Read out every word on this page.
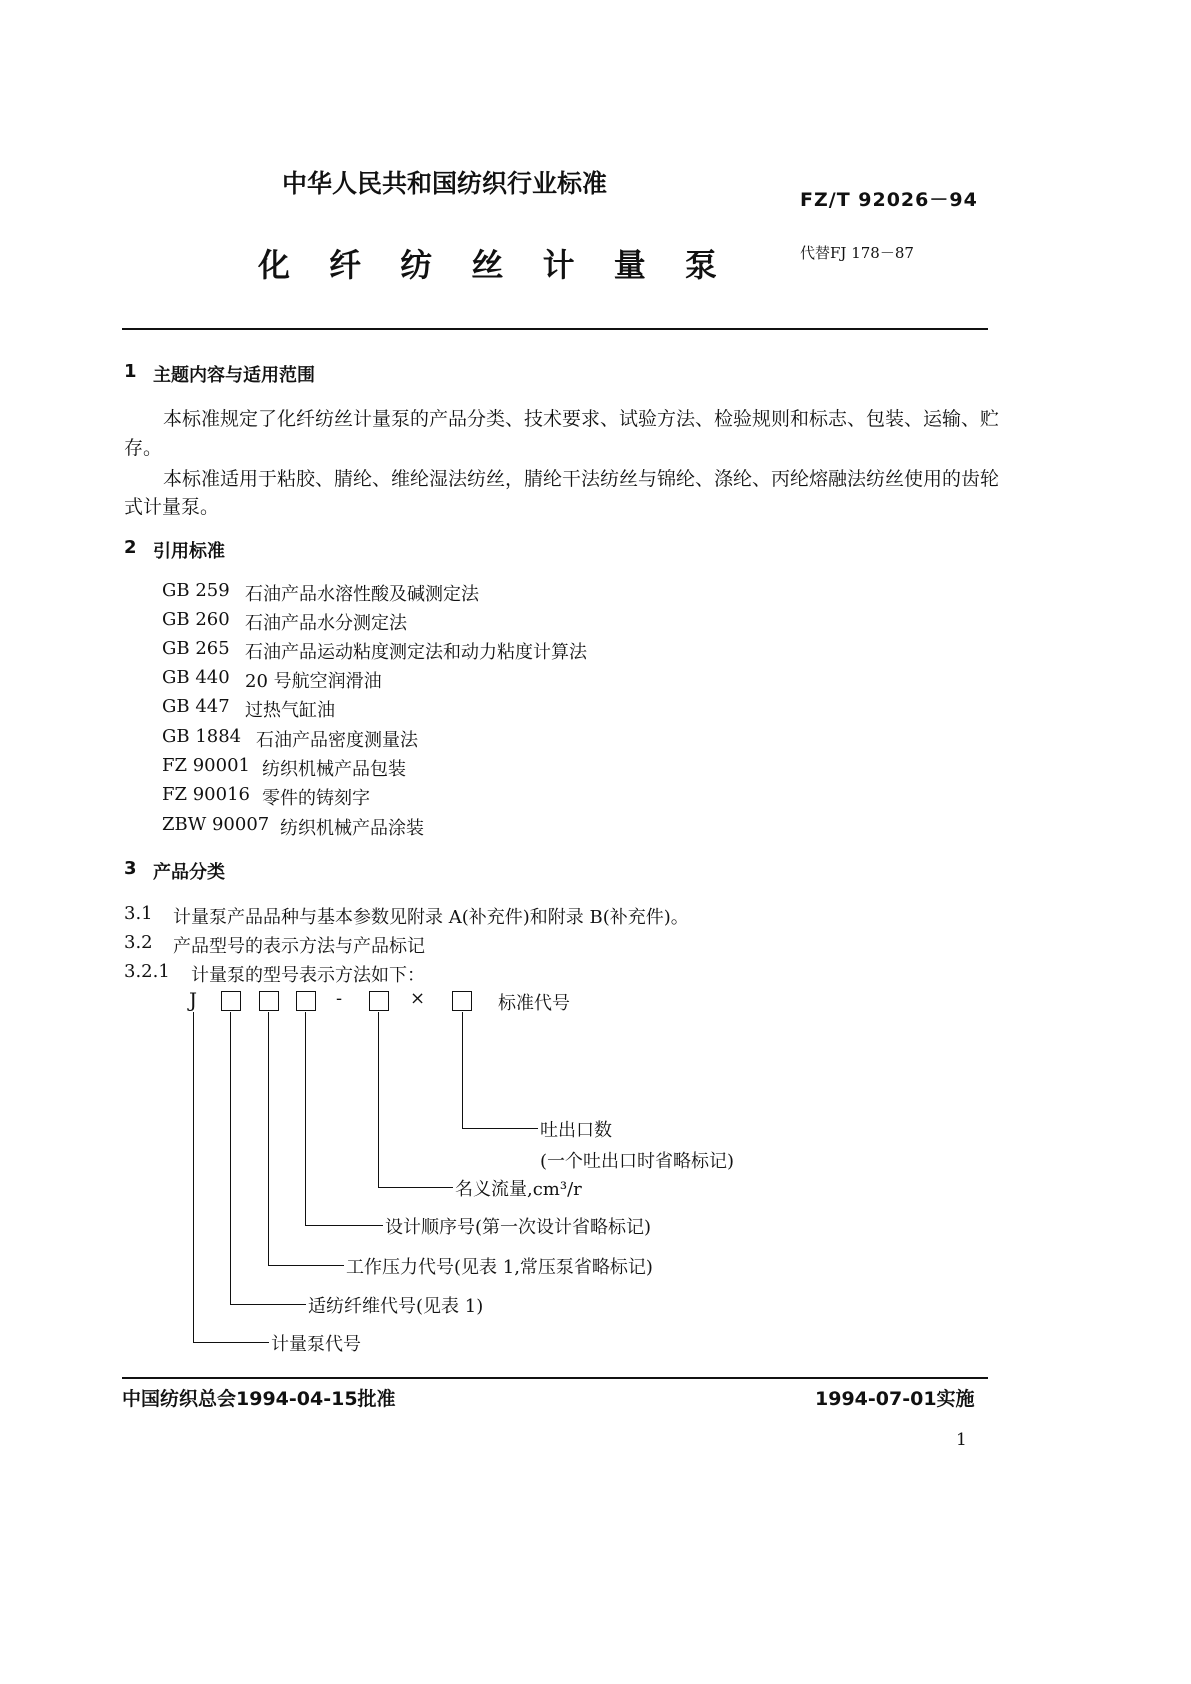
中华人民共和国纺织行业标准
FZ/T 92026－94
化 纤 纺 丝 计 量 泵	代替FJ 178－87
1 主题内容与适用范围
本标准规定了化纤纺丝计量泵的产品分类、技术要求、试验方法、检验规则和标志、包装、运输、贮
存。
本标准适用于粘胶、腈纶、维纶湿法纺丝，腈纶干法纺丝与锦纶、涤纶、丙纶熔融法纺丝使用的齿轮
式计量泵。
2 引用标准
GB 259 石油产品水溶性酸及碱测定法
GB 260 石油产品水分测定法
GB 265 石油产品运动粘度测定法和动力粘度计算法
GB 440 20 号航空润滑油
GB 447 过热气缸油
GB 1884 石油产品密度测量法
FZ 90001 纺织机械产品包装
FZ 90016 零件的铸刻字
ZBW 90007 纺织机械产品涂装
3 产品分类
3.1 计量泵产品品种与基本参数见附录 A(补充件)和附录 B(补充件)。
3.2 产品型号的表示方法与产品标记
3.2.1 计量泵的型号表示方法如下：
J	-	×	标准代号
吐出口数
(一个吐出口时省略标记)
名义流量,cm³/r
设计顺序号(第一次设计省略标记)
工作压力代号(见表 1,常压泵省略标记)
适纺纤维代号(见表 1)
计量泵代号
中国纺织总会1994-04-15批准	1994-07-01实施
1
